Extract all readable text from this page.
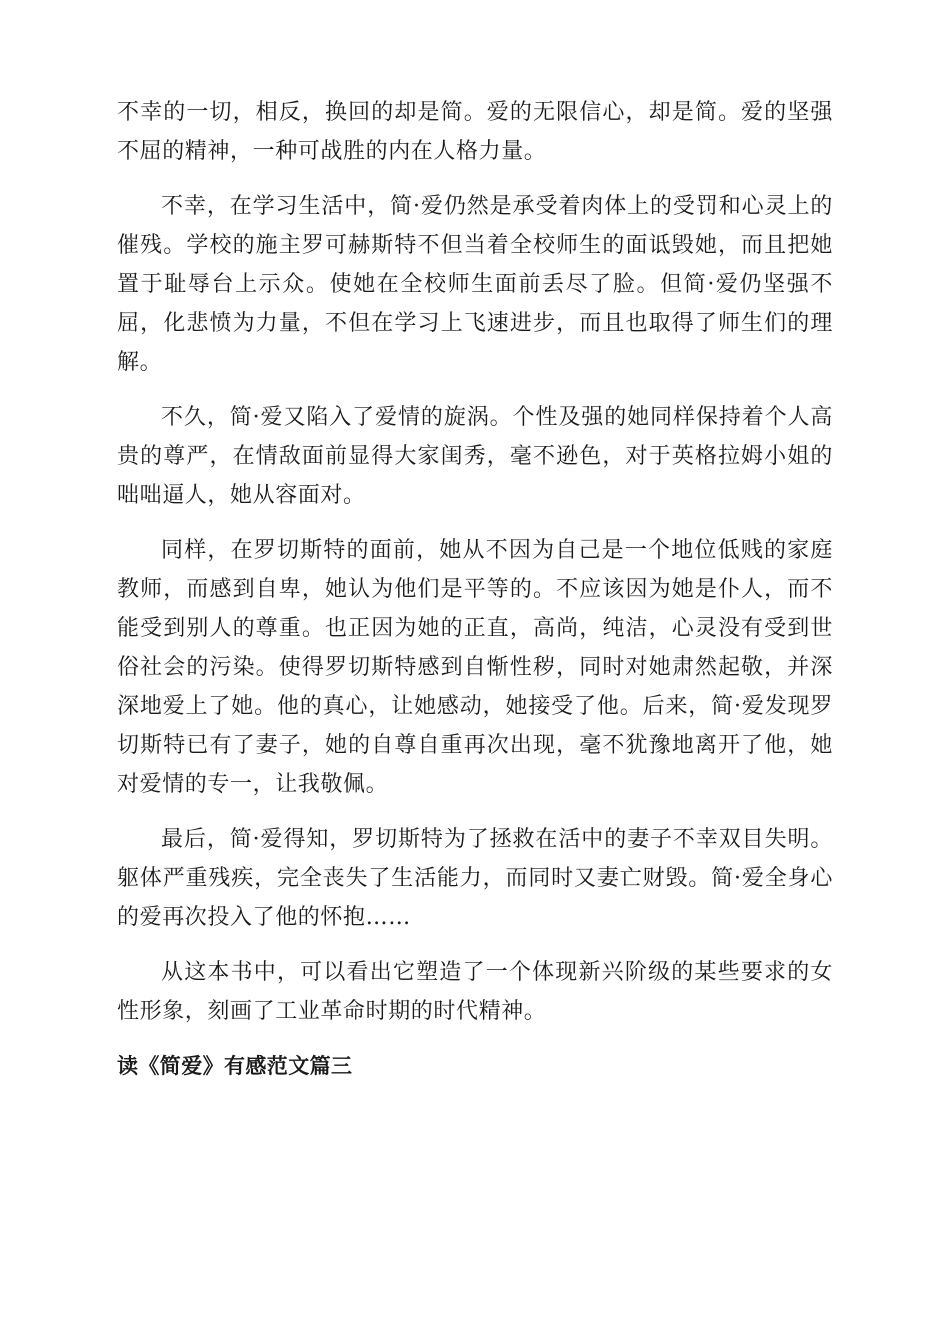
不幸的一切，相反，换回的却是简。爱的无限信心，却是简。爱的坚强不屈的精神，一种可战胜的内在人格力量。

不幸，在学习生活中，简·爱仍然是承受着肉体上的受罚和心灵上的催残。学校的施主罗可赫斯特不但当着全校师生的面诋毁她，而且把她置于耻辱台上示众。使她在全校师生面前丢尽了脸。但简·爱仍坚强不屈，化悲愤为力量，不但在学习上飞速进步，而且也取得了师生们的理解。

不久，简·爱又陷入了爱情的旋涡。个性及强的她同样保持着个人高贵的尊严，在情敌面前显得大家闺秀，毫不逊色，对于英格拉姆小姐的咄咄逼人，她从容面对。

同样，在罗切斯特的面前，她从不因为自己是一个地位低贱的家庭教师，而感到自卑，她认为他们是平等的。不应该因为她是仆人，而不能受到别人的尊重。也正因为她的正直，高尚，纯洁，心灵没有受到世俗社会的污染。使得罗切斯特感到自惭性秽，同时对她肃然起敬，并深深地爱上了她。他的真心，让她感动，她接受了他。后来，简·爱发现罗切斯特已有了妻子，她的自尊自重再次出现，毫不犹豫地离开了他，她对爱情的专一，让我敬佩。

最后，简·爱得知，罗切斯特为了拯救在活中的妻子不幸双目失明。躯体严重残疾，完全丧失了生活能力，而同时又妻亡财毁。简·爱全身心的爱再次投入了他的怀抱……

从这本书中，可以看出它塑造了一个体现新兴阶级的某些要求的女性形象，刻画了工业革命时期的时代精神。

读《简爱》有感范文篇三
